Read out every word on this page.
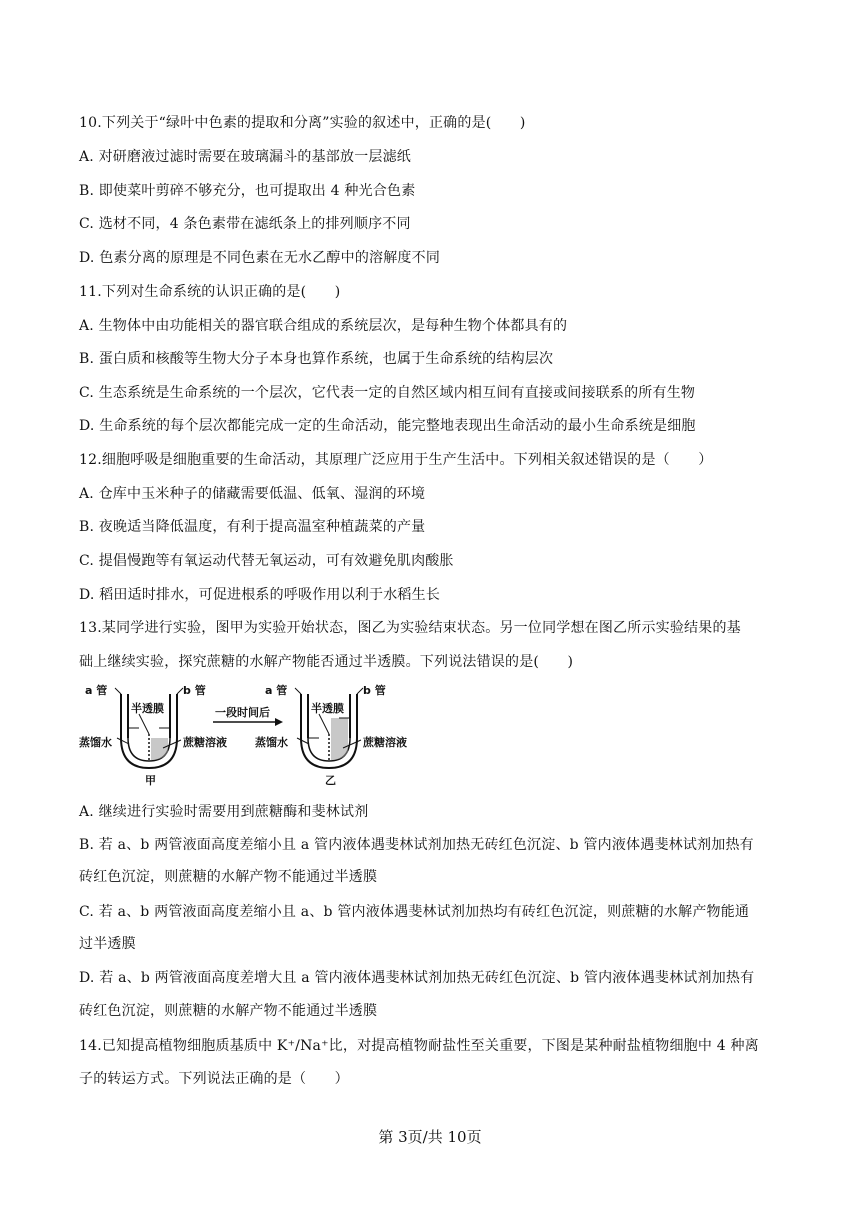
10.下列关于“绿叶中色素的提取和分离”实验的叙述中，正确的是(　　)
A. 对研磨液过滤时需要在玻璃漏斗的基部放一层滤纸
B. 即使菜叶剪碎不够充分，也可提取出 4 种光合色素
C. 选材不同，4 条色素带在滤纸条上的排列顺序不同
D. 色素分离的原理是不同色素在无水乙醇中的溶解度不同
11.下列对生命系统的认识正确的是(　　)
A. 生物体中由功能相关的器官联合组成的系统层次，是每种生物个体都具有的
B. 蛋白质和核酸等生物大分子本身也算作系统，也属于生命系统的结构层次
C. 生态系统是生命系统的一个层次，它代表一定的自然区域内相互间有直接或间接联系的所有生物
D. 生命系统的每个层次都能完成一定的生命活动，能完整地表现出生命活动的最小生命系统是细胞
12.细胞呼吸是细胞重要的生命活动，其原理广泛应用于生产生活中。下列相关叙述错误的是（　　）
A. 仓库中玉米种子的储藏需要低温、低氧、湿润的环境
B. 夜晚适当降低温度，有利于提高温室种植蔬菜的产量
C. 提倡慢跑等有氧运动代替无氧运动，可有效避免肌肉酸胀
D. 稻田适时排水，可促进根系的呼吸作用以利于水稻生长
13.某同学进行实验，图甲为实验开始状态，图乙为实验结束状态。另一位同学想在图乙所示实验结果的基
础上继续实验，探究蔗糖的水解产物能否通过半透膜。下列说法错误的是(　　)
a 管	b 管
半透膜
蒸馏水	蔗糖溶液
甲
一段时间后
a 管	b 管
半透膜
蒸馏水	蔗糖溶液
乙
A. 继续进行实验时需要用到蔗糖酶和斐林试剂
B. 若 a、b 两管液面高度差缩小且 a 管内液体遇斐林试剂加热无砖红色沉淀、b 管内液体遇斐林试剂加热有
砖红色沉淀，则蔗糖的水解产物不能通过半透膜
C. 若 a、b 两管液面高度差缩小且 a、b 管内液体遇斐林试剂加热均有砖红色沉淀，则蔗糖的水解产物能通
过半透膜
D. 若 a、b 两管液面高度差增大且 a 管内液体遇斐林试剂加热无砖红色沉淀、b 管内液体遇斐林试剂加热有
砖红色沉淀，则蔗糖的水解产物不能通过半透膜
14.已知提高植物细胞质基质中 K⁺/Na⁺比，对提高植物耐盐性至关重要，下图是某种耐盐植物细胞中 4 种离
子的转运方式。下列说法正确的是（　　）
第 3页/共 10页
